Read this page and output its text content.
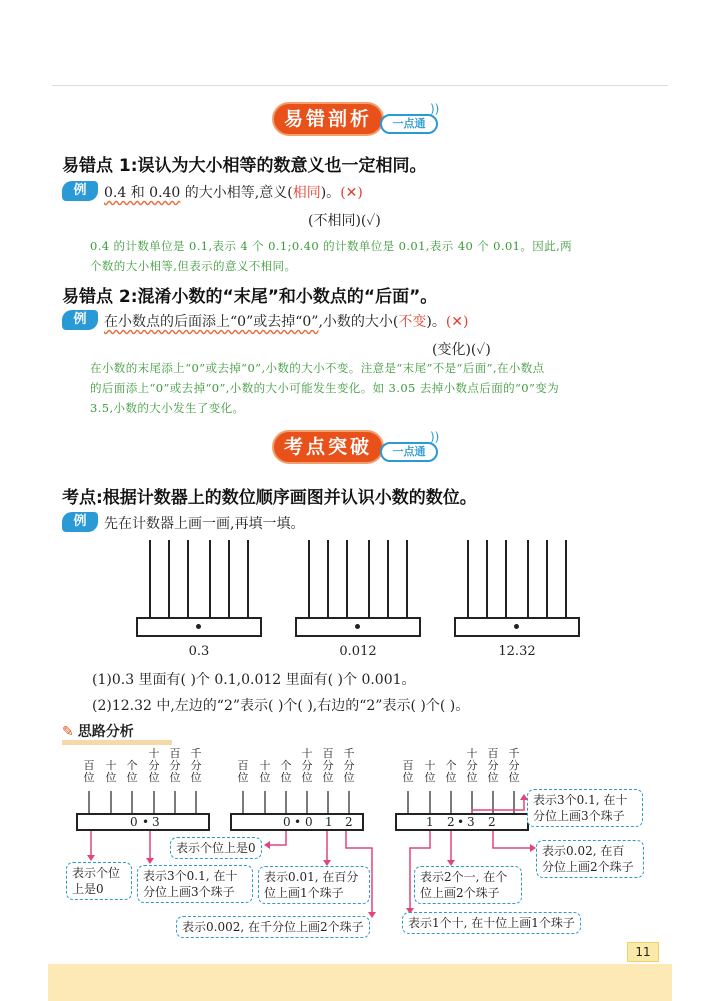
易错剖析	一点通
))
易错点 1:误认为大小相等的数意义也一定相同。
例	0.4 和 0.40 的大小相等,意义(相同)。(✕)
(不相同)(✓)
0.4 的计数单位是 0.1,表示 4 个 0.1;0.40 的计数单位是 0.01,表示 40 个 0.01。因此,两
个数的大小相等,但表示的意义不相同。
易错点 2:混淆小数的“末尾”和小数点的“后面”。
例	在小数点的后面添上“0”或去掉“0”,小数的大小(不变)。(✕)
(变化)(✓)
在小数的末尾添上“0”或去掉“0”,小数的大小不变。注意是“末尾”不是“后面”,在小数点
的后面添上“0”或去掉“0”,小数的大小可能发生变化。如 3.05 去掉小数点后面的“0”变为
3.5,小数的大小发生了变化。
考点突破	一点通
))
考点:根据计数器上的数位顺序画图并认识小数的数位。
例	先在计数器上画一画,再填一填。
0.3	0.012	12.32
(1)0.3 里面有( )个 0.1,0.012 里面有( )个 0.001。
(2)12.32 中,左边的“2”表示( )个( ),右边的“2”表示( )个( )。
✎ 思路分析
百
位
十
位
个
位
十
分
位
百
分
位
千
分
位
百
位
十
位
个
位
十
分
位
百
分
位
千
分
位
百
位
十
位
个
位
十
分
位
百
分
位
千
分
位
0 • 3	0 • 0 1 2	1 2 • 3 2
表示个位上是0
表示个位
上是0
表示3个0.1, 在十
分位上画3个珠子
表示0.01, 在百分
位上画1个珠子
表示0.002, 在千分位上画2个珠子
表示3个0.1, 在十
分位上画3个珠子
表示0.02, 在百
分位上画2个珠子
表示2个一, 在个
位上画2个珠子
表示1个十, 在十位上画1个珠子
11
